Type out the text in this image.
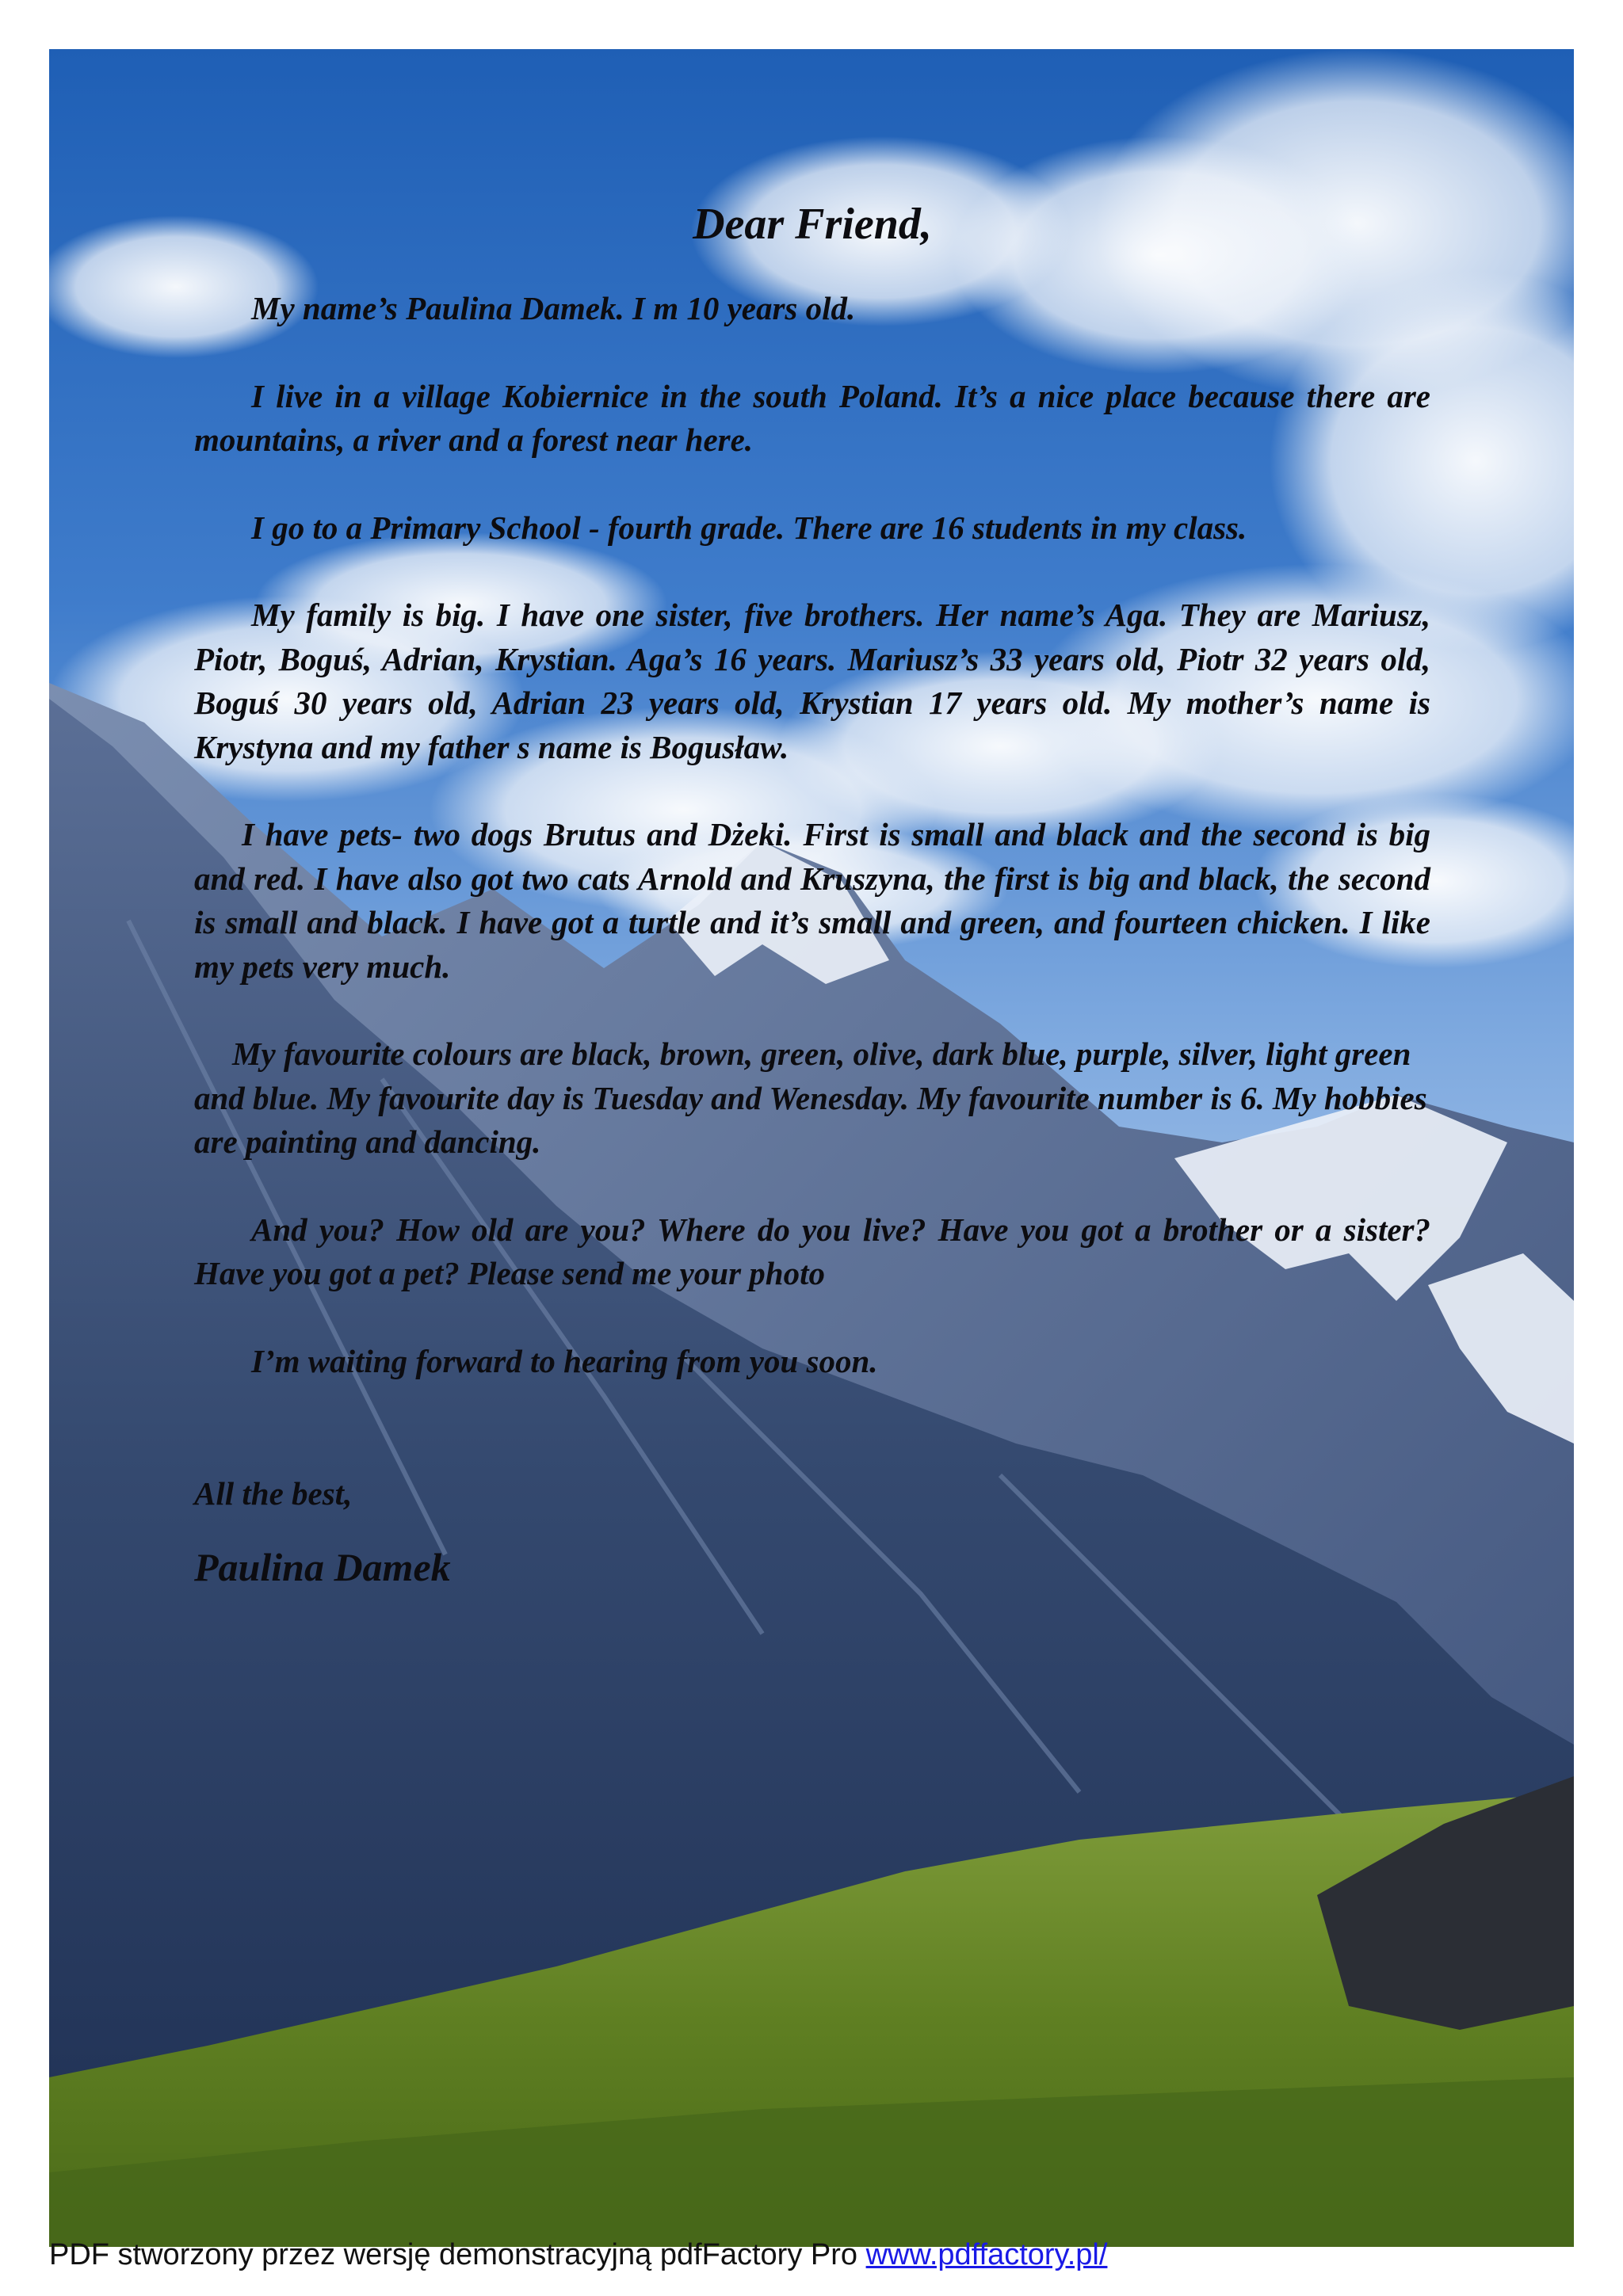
Dear Friend,

My name’s Paulina Damek. I m 10 years old.

I live in a village Kobiernice in the south Poland. It’s a nice place because there are mountains, a river and a forest near here.

I go to a Primary School - fourth grade. There are 16 students in my class.

My family is big. I have one sister, five brothers. Her name’s Aga. They are Mariusz, Piotr, Boguś, Adrian, Krystian. Aga’s 16 years. Mariusz’s 33 years old, Piotr 32 years old, Boguś 30 years old, Adrian 23 years old, Krystian 17 years old. My mother’s name is Krystyna and my father s name is Bogusław.

I have pets- two dogs Brutus and Dżeki. First is small and black and the second is big and red. I have also got two cats Arnold and Kruszyna, the first is big and black, the second is small and black. I have got a turtle and it’s small and green, and fourteen chicken. I like my pets very much.

My favourite colours are black, brown, green, olive, dark blue, purple, silver, light green and blue. My favourite day is Tuesday and Wenesday. My favourite number is 6. My hobbies are painting and dancing.

And you? How old are you? Where do you live? Have you got a brother or a sister? Have you got a pet? Please send me your photo

I’m waiting forward to hearing from you soon.

All the best,
Paulina Damek
PDF stworzony przez wersję demonstracyjną pdfFactory Pro www.pdffactory.pl/
